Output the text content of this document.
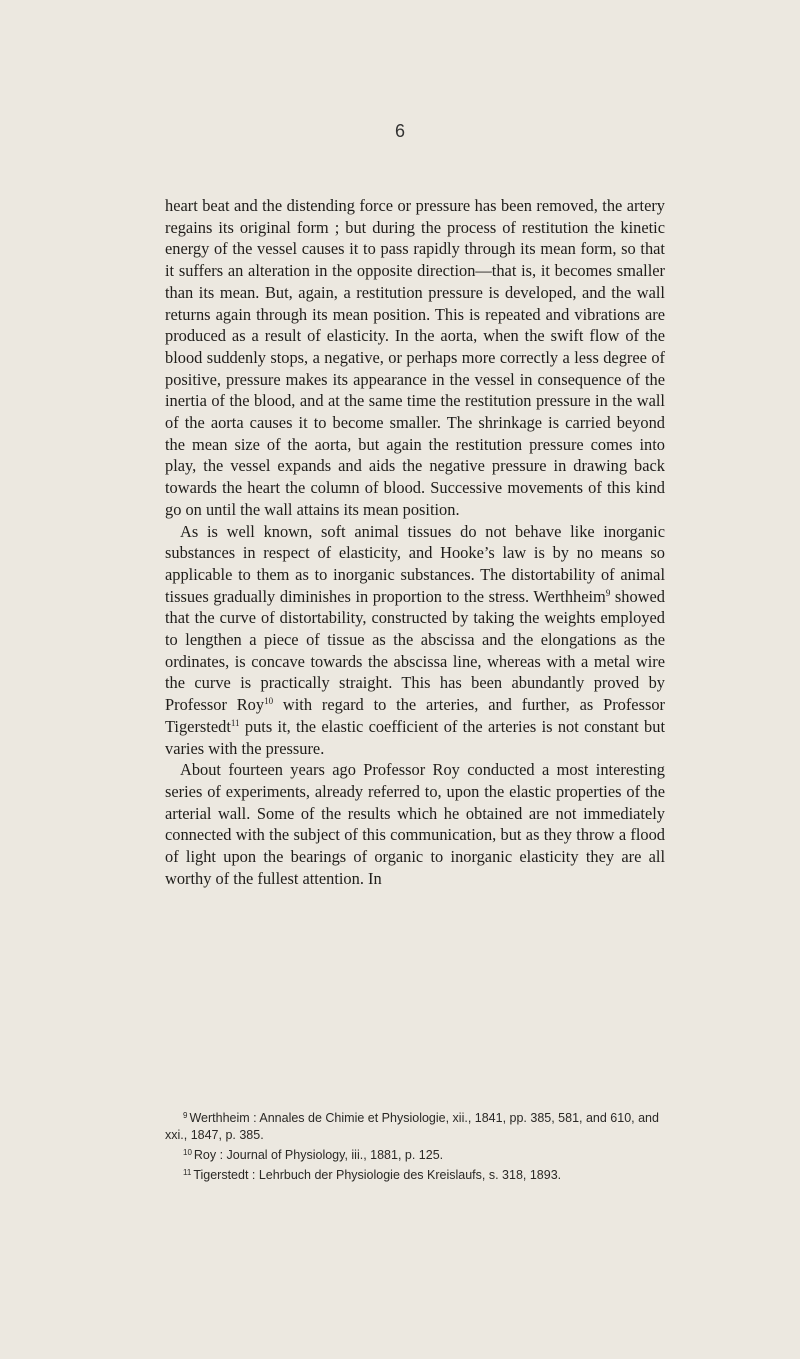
6

heart beat and the distending force or pressure has been removed, the artery regains its original form ; but during the process of restitution the kinetic energy of the vessel causes it to pass rapidly through its mean form, so that it suffers an alteration in the opposite direction—that is, it becomes smaller than its mean. But, again, a restitution pressure is developed, and the wall returns again through its mean position. This is repeated and vibrations are produced as a result of elasticity. In the aorta, when the swift flow of the blood suddenly stops, a negative, or perhaps more correctly a less degree of positive, pressure makes its appearance in the vessel in consequence of the inertia of the blood, and at the same time the restitution pressure in the wall of the aorta causes it to become smaller. The shrinkage is carried beyond the mean size of the aorta, but again the restitution pressure comes into play, the vessel expands and aids the negative pressure in drawing back towards the heart the column of blood. Successive movements of this kind go on until the wall attains its mean position.

As is well known, soft animal tissues do not behave like inorganic substances in respect of elasticity, and Hooke’s law is by no means so applicable to them as to inorganic substances. The distortability of animal tissues gradually diminishes in proportion to the stress. Werthheim$^9$ showed that the curve of distortability, constructed by taking the weights employed to lengthen a piece of tissue as the abscissa and the elongations as the ordinates, is concave towards the abscissa line, whereas with a metal wire the curve is practically straight. This has been abundantly proved by Professor Roy$^{10}$ with regard to the arteries, and further, as Professor Tigerstedt$^{11}$ puts it, the elastic coefficient of the arteries is not constant but varies with the pressure.

About fourteen years ago Professor Roy conducted a most interesting series of experiments, already referred to, upon the elastic properties of the arterial wall. Some of the results which he obtained are not immediately connected with the subject of this communication, but as they throw a flood of light upon the bearings of organic to inorganic elasticity they are all worthy of the fullest attention. In

$^9$ Werthheim : Annales de Chimie et Physiologie, xii., 1841, pp. 385, 581, and 610, and xxi., 1847, p. 385.

$^{10}$ Roy : Journal of Physiology, iii., 1881, p. 125.

$^{11}$ Tigerstedt : Lehrbuch der Physiologie des Kreislaufs, s. 318, 1893.
